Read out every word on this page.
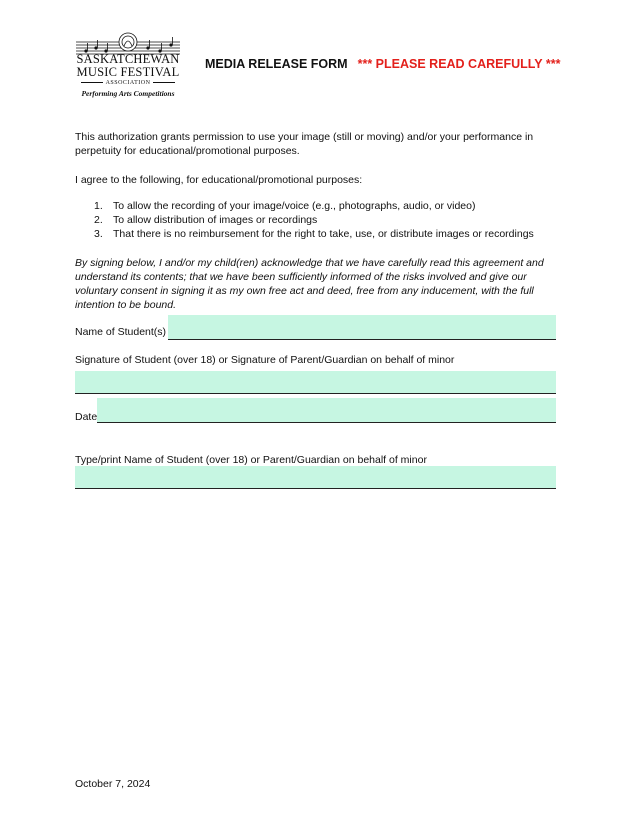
SASKATCHEWAN
MUSIC FESTIVAL
ASSOCIATION
Performing Arts Competitions
MEDIA RELEASE FORM *** PLEASE READ CAREFULLY ***
This authorization grants permission to use your image (still or moving) and/or your performance in perpetuity for educational/promotional purposes.
I agree to the following, for educational/promotional purposes:
1. To allow the recording of your image/voice (e.g., photographs, audio, or video)
2. To allow distribution of images or recordings
3. That there is no reimbursement for the right to take, use, or distribute images or recordings
By signing below, I and/or my child(ren) acknowledge that we have carefully read this agreement and understand its contents; that we have been sufficiently informed of the risks involved and give our voluntary consent in signing it as my own free act and deed, free from any inducement, with the full intention to be bound.
Name of Student(s)
Signature of Student (over 18) or Signature of Parent/Guardian on behalf of minor
Date
Type/print Name of Student (over 18) or Parent/Guardian on behalf of minor
October 7, 2024
